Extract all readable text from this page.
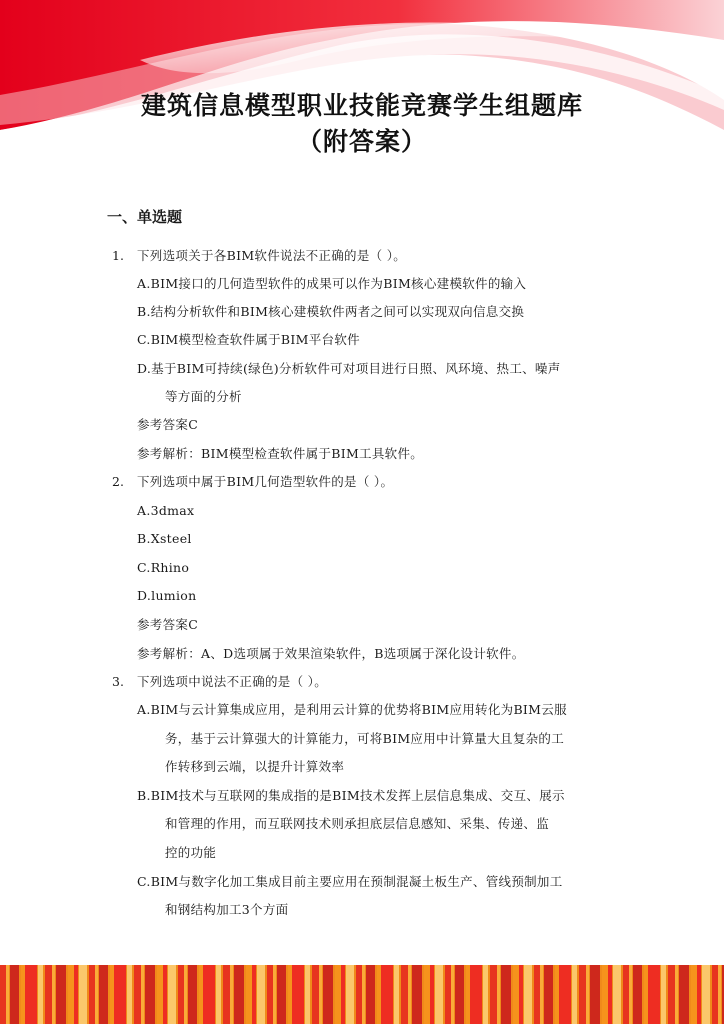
建筑信息模型职业技能竞赛学生组题库
（附答案）
一、单选题
1. 下列选项关于各BIM软件说法不正确的是（ ）。
A.BIM接口的几何造型软件的成果可以作为BIM核心建模软件的输入
B.结构分析软件和BIM核心建模软件两者之间可以实现双向信息交换
C.BIM模型检查软件属于BIM平台软件
D.基于BIM可持续(绿色)分析软件可对项目进行日照、风环境、热工、噪声
等方面的分析
参考答案C
参考解析：BIM模型检查软件属于BIM工具软件。
2. 下列选项中属于BIM几何造型软件的是（ ）。
A.3dmax
B.Xsteel
C.Rhino
D.lumion
参考答案C
参考解析：A、D选项属于效果渲染软件，B选项属于深化设计软件。
3. 下列选项中说法不正确的是（ ）。
A.BIM与云计算集成应用，是利用云计算的优势将BIM应用转化为BIM云服
务，基于云计算强大的计算能力，可将BIM应用中计算量大且复杂的工
作转移到云端，以提升计算效率
B.BIM技术与互联网的集成指的是BIM技术发挥上层信息集成、交互、展示
和管理的作用，而互联网技术则承担底层信息感知、采集、传递、监
控的功能
C.BIM与数字化加工集成目前主要应用在预制混凝土板生产、管线预制加工
和钢结构加工3个方面
